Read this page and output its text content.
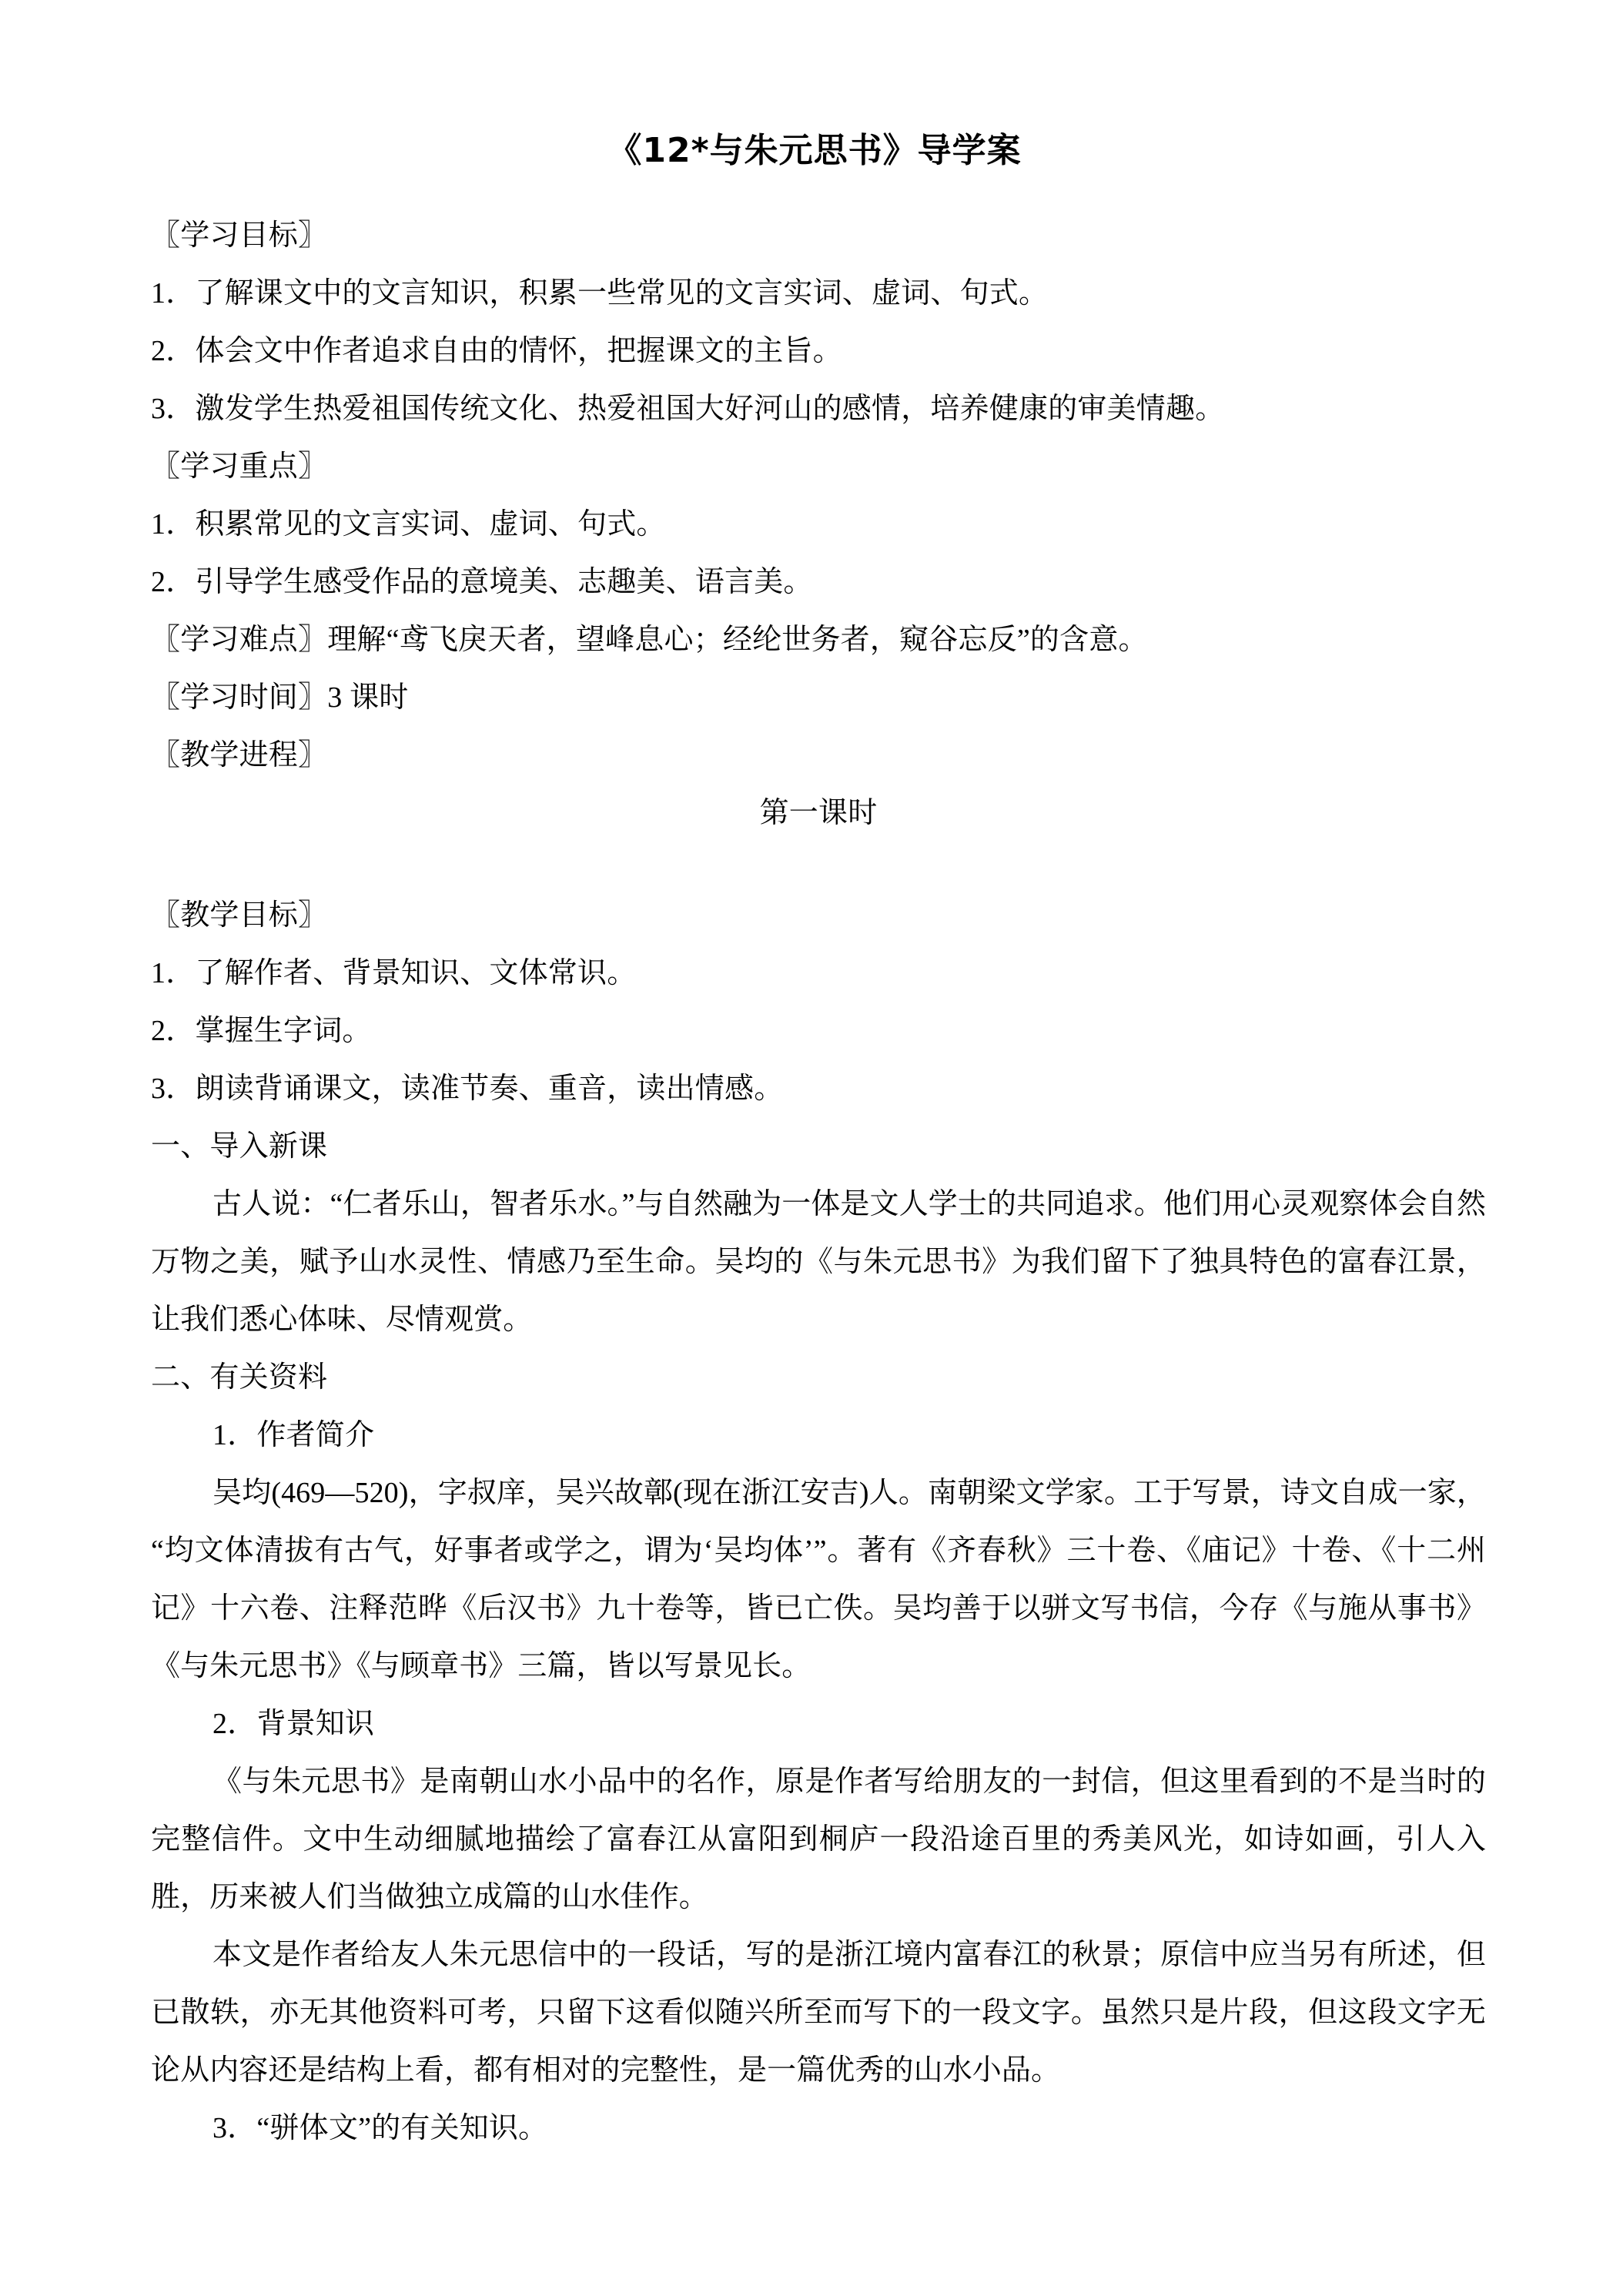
《12*与朱元思书》导学案

〖学习目标〗

1．了解课文中的文言知识，积累一些常见的文言实词、虚词、句式。

2．体会文中作者追求自由的情怀，把握课文的主旨。

3．激发学生热爱祖国传统文化、热爱祖国大好河山的感情，培养健康的审美情趣。

〖学习重点〗

1．积累常见的文言实词、虚词、句式。

2．引导学生感受作品的意境美、志趣美、语言美。

〖学习难点〗理解“鸢飞戾天者，望峰息心；经纶世务者，窥谷忘反”的含意。

〖学习时间〗3 课时

〖教学进程〗

第一课时

〖教学目标〗

1．了解作者、背景知识、文体常识。

2．掌握生字词。

3．朗读背诵课文，读准节奏、重音，读出情感。

一、导入新课

古人说：“仁者乐山，智者乐水。”与自然融为一体是文人学士的共同追求。他们用心灵观察体会自然万物之美，赋予山水灵性、情感乃至生命。吴均的《与朱元思书》为我们留下了独具特色的富春江景，让我们悉心体味、尽情观赏。

二、有关资料

1．作者简介

吴均(469—520)，字叔庠，吴兴故鄣(现在浙江安吉)人。南朝梁文学家。工于写景，诗文自成一家，“均文体清拔有古气，好事者或学之，谓为‘吴均体’”。著有《齐春秋》三十卷、《庙记》十卷、《十二州记》十六卷、注释范晔《后汉书》九十卷等，皆已亡佚。吴均善于以骈文写书信，今存《与施从事书》《与朱元思书》《与顾章书》三篇，皆以写景见长。

2．背景知识

《与朱元思书》是南朝山水小品中的名作，原是作者写给朋友的一封信，但这里看到的不是当时的完整信件。文中生动细腻地描绘了富春江从富阳到桐庐一段沿途百里的秀美风光，如诗如画，引人入胜，历来被人们当做独立成篇的山水佳作。

本文是作者给友人朱元思信中的一段话，写的是浙江境内富春江的秋景；原信中应当另有所述，但已散轶，亦无其他资料可考，只留下这看似随兴所至而写下的一段文字。虽然只是片段，但这段文字无论从内容还是结构上看，都有相对的完整性，是一篇优秀的山水小品。

3．“骈体文”的有关知识。
